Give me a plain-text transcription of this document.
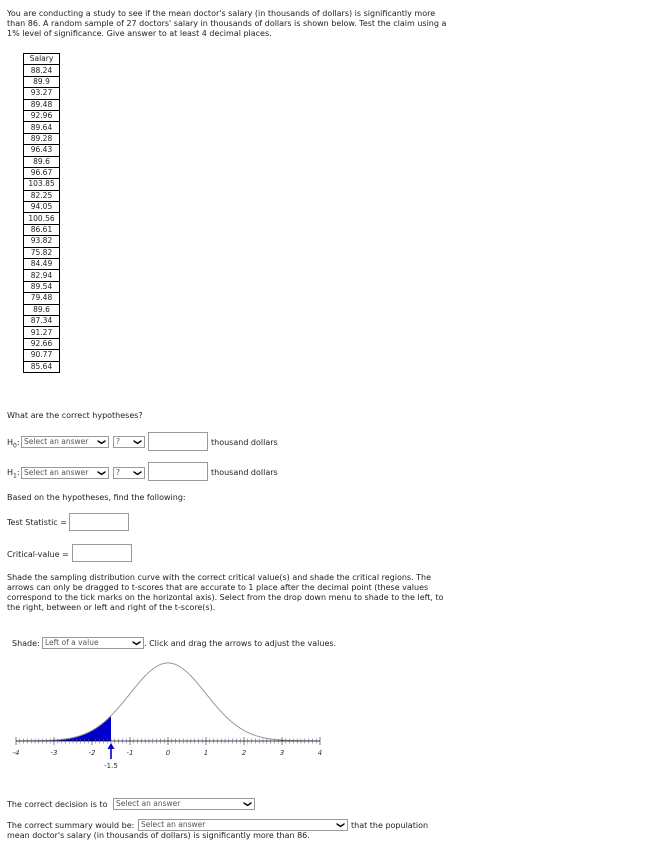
You are conducting a study to see if the mean doctor's salary (in thousands of dollars) is significantly more than 86. A random sample of 27 doctors' salary in thousands of dollars is shown below. Test the claim using a 1% level of significance. Give answer to at least 4 decimal places.
Salary
88.24
89.9
93.27
89.48
92.96
89.64
89.28
96.43
89.6
96.67
103.85
82.25
94.05
100.56
86.61
93.82
75.82
84.49
82.94
89.54
79.48
89.6
87.34
91.27
92.66
90.77
85.64
What are the correct hypotheses?
$H_0$: Select an answer ❯	? ❯	thousand dollars
$H_1$: Select an answer ❯	? ❯	thousand dollars
Based on the hypotheses, find the following:
Test Statistic =
Critical-value =
Shade the sampling distribution curve with the correct critical value(s) and shade the critical regions. The arrows can only be dragged to t-scores that are accurate to 1 place after the decimal point (these values correspond to the tick marks on the horizontal axis). Select from the drop down menu to shade to the left, to the right, between or left and right of the t-score(s).
Shade: Left of a value	❯ . Click and drag the arrows to adjust the values.
-4	-3	-2	-1	0	1	2	3	4
-1.5
The correct decision is to	Select an answer	❯
The correct summary would be: Select an answer	❯ that the population
mean doctor's salary (in thousands of dollars) is significantly more than 86.
